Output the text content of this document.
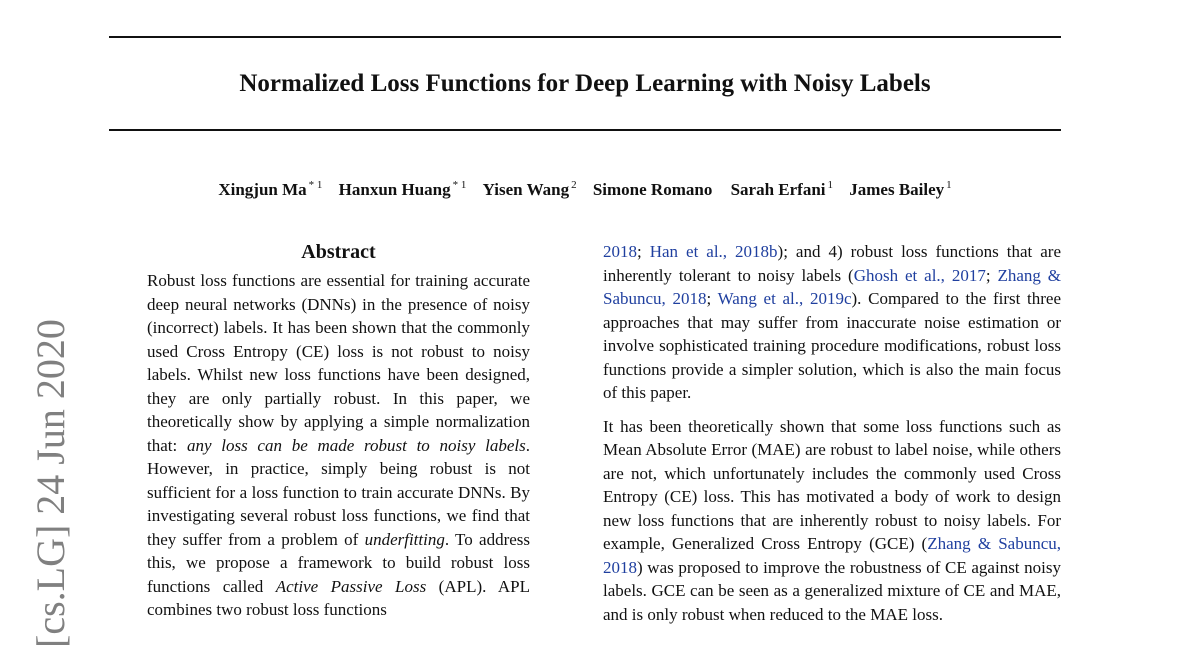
Normalized Loss Functions for Deep Learning with Noisy Labels
Xingjun Ma $^{* 1}$ Hanxun Huang $^{* 1}$ Yisen Wang $^2$ Simone Romano Sarah Erfani $^1$ James Bailey $^1$
[cs.LG] 24 Jun 2020
Abstract

Robust loss functions are essential for training accurate deep neural networks (DNNs) in the presence of noisy (incorrect) labels. It has been shown that the commonly used Cross Entropy (CE) loss is not robust to noisy labels. Whilst new loss functions have been designed, they are only partially robust. In this paper, we theoretically show by applying a simple normalization that: any loss can be made robust to noisy labels. However, in practice, simply being robust is not sufficient for a loss function to train accurate DNNs. By investigating several robust loss functions, we find that they suffer from a problem of underfitting. To address this, we propose a framework to build robust loss functions called Active Passive Loss (APL). APL combines two robust loss functions

2018; Han et al., 2018b); and 4) robust loss functions that are inherently tolerant to noisy labels (Ghosh et al., 2017; Zhang & Sabuncu, 2018; Wang et al., 2019c). Compared to the first three approaches that may suffer from inaccurate noise estimation or involve sophisticated training procedure modifications, robust loss functions provide a simpler solution, which is also the main focus of this paper.

It has been theoretically shown that some loss functions such as Mean Absolute Error (MAE) are robust to label noise, while others are not, which unfortunately includes the commonly used Cross Entropy (CE) loss. This has motivated a body of work to design new loss functions that are inherently robust to noisy labels. For example, Generalized Cross Entropy (GCE) (Zhang & Sabuncu, 2018) was proposed to improve the robustness of CE against noisy labels. GCE can be seen as a generalized mixture of CE and MAE, and is only robust when reduced to the MAE loss.
